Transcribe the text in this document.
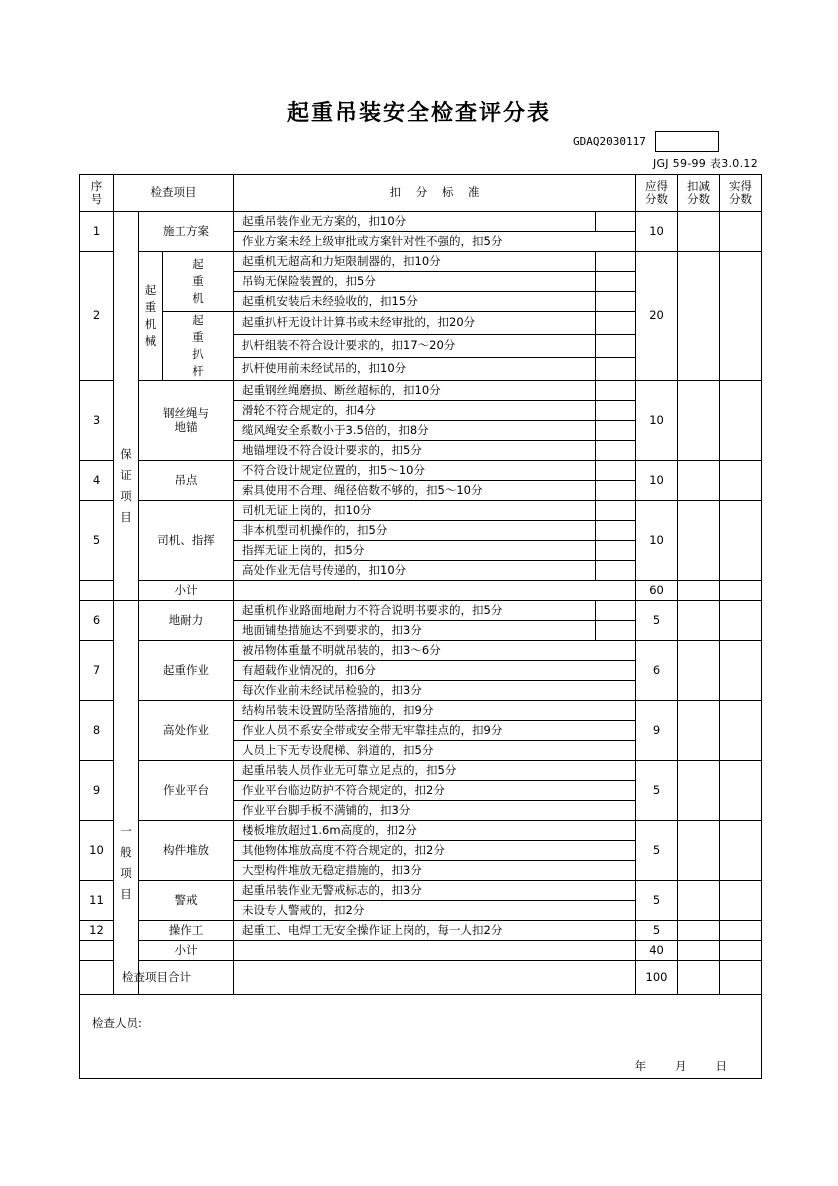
起重吊装安全检查评分表
GDAQ2030117
JGJ 59-99 表3.0.12
序号	检查项目			扣    分    标    准		应得分数	扣减分数	实得分数
1	保证项目	施工方案		起重吊装作业无方案的，扣10分		10		
				作业方案未经上级审批或方案针对性不强的，扣5分				
2		起重机械	起重机	起重机无超高和力矩限制器的，扣10分		20		
				吊钩无保险装置的，扣5分				
				起重机安装后未经验收的，扣15分				
			起重扒杆	起重扒杆无设计计算书或未经审批的，扣20分				
				扒杆组装不符合设计要求的，扣17～20分				
				扒杆使用前未经试吊的，扣10分				
3		钢丝绳与地锚		起重钢丝绳磨损、断丝超标的，扣10分		10		
				滑轮不符合规定的，扣4分				
				缆风绳安全系数小于3.5倍的，扣8分				
				地锚埋设不符合设计要求的，扣5分				
4		吊点		不符合设计规定位置的，扣5～10分		10		
				索具使用不合理、绳径倍数不够的，扣5～10分				
5		司机、指挥		司机无证上岗的，扣10分		10		
				非本机型司机操作的，扣5分				
				指挥无证上岗的，扣5分				
				高处作业无信号传递的，扣10分				
		小计				60		
6	一般项目	地耐力		起重机作业路面地耐力不符合说明书要求的，扣5分		5		
				地面铺垫措施达不到要求的，扣3分				
7		起重作业		被吊物体重量不明就吊装的，扣3～6分		6		
				有超载作业情况的，扣6分				
				每次作业前未经试吊检验的，扣3分				
8		高处作业		结构吊装未设置防坠落措施的，扣9分		9		
				作业人员不系安全带或安全带无牢靠挂点的，扣9分				
				人员上下无专设爬梯、斜道的，扣5分				
9		作业平台		起重吊装人员作业无可靠立足点的，扣5分		5		
				作业平台临边防护不符合规定的，扣2分				
				作业平台脚手板不满铺的，扣3分				
10		构件堆放		楼板堆放超过1.6m高度的，扣2分		5		
				其他物体堆放高度不符合规定的，扣2分				
				大型构件堆放无稳定措施的，扣3分				
11		警戒		起重吊装作业无警戒标志的，扣3分		5		
				未设专人警戒的，扣2分				
12		操作工		起重工、电焊工无安全操作证上岗的，每一人扣2分		5		
		小计				40		
检查项目合计						100		

检查人员:
年   月   日								
